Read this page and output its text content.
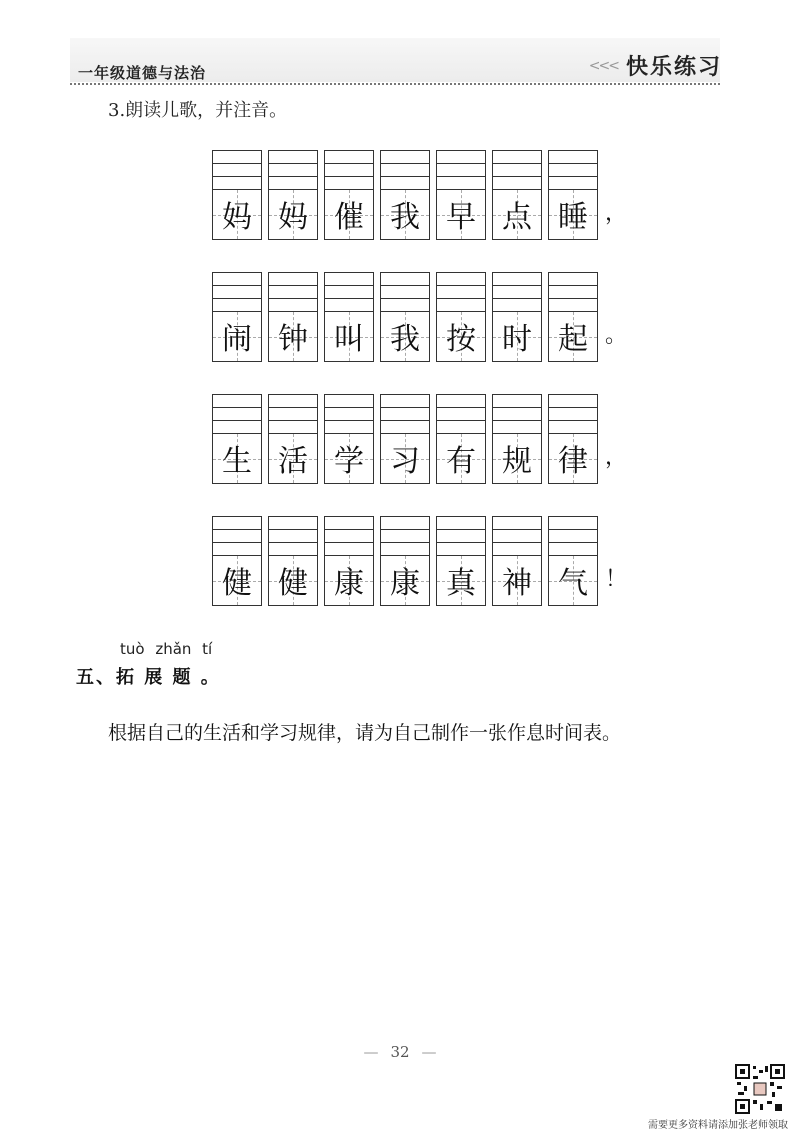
一年级道德与法治	<<< 快乐练习
3.朗读儿歌，并注音。
妈 妈 催 我 早 点 睡 ，
闹 钟 叫 我 按 时 起 。
生 活 学 习 有 规 律 ，
健 健 康 康 真 神 气 ！
tuò zhǎn tí
五、拓 展 题 。
根据自己的生活和学习规律，请为自己制作一张作息时间表。
— 32 —
需要更多资料请添加张老师领取
